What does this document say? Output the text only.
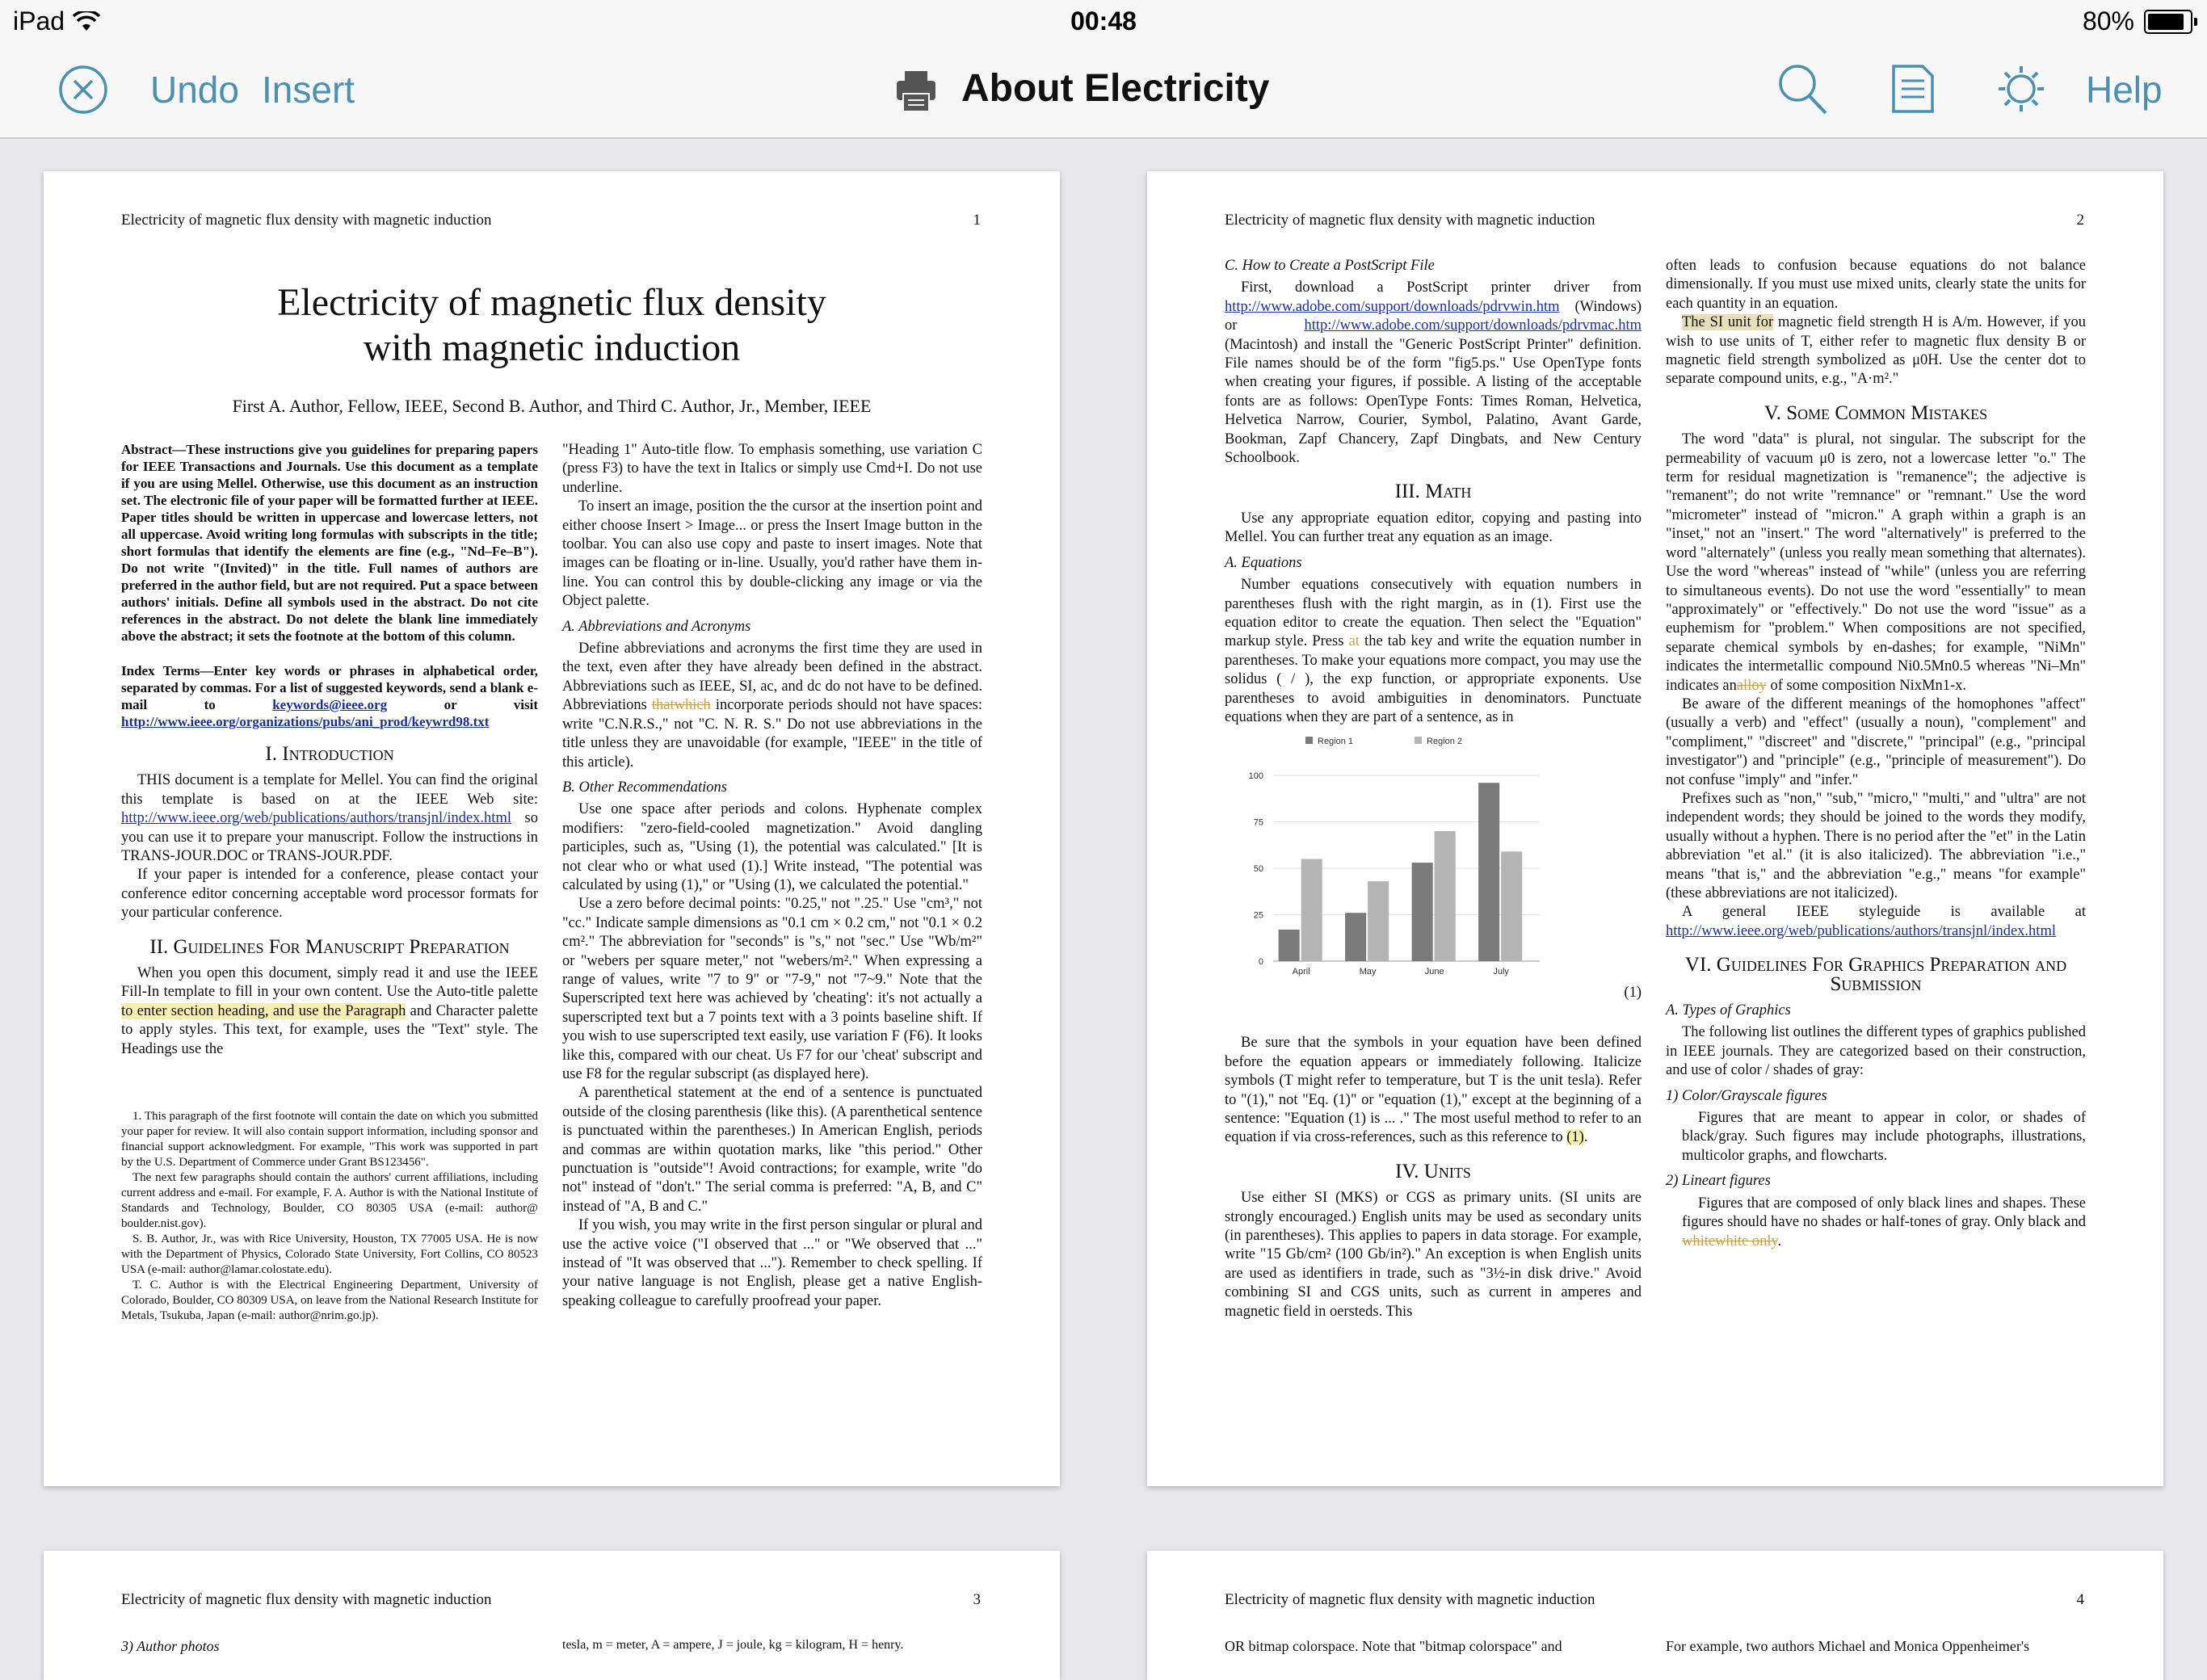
iPad	00:48	80%
Undo Insert	About Electricity	Help
Electricity of magnetic flux density with magnetic induction	1
Electricity of magnetic flux density
with magnetic induction
First A. Author, Fellow, IEEE, Second B. Author, and Third C. Author, Jr., Member, IEEE

Abstract—These instructions give you guidelines for preparing papers for IEEE Transactions and Journals. Use this document as a template if you are using Mellel. Otherwise, use this document as an instruction set. The electronic file of your paper will be formatted further at IEEE. Paper titles should be written in uppercase and lowercase letters, not all uppercase. Avoid writing long formulas with subscripts in the title; short formulas that identify the elements are fine (e.g., "Nd–Fe–B"). Do not write "(Invited)" in the title. Full names of authors are preferred in the author field, but are not required. Put a space between authors' initials. Define all symbols used in the abstract. Do not cite references in the abstract. Do not delete the blank line immediately above the abstract; it sets the footnote at the bottom of this column.

Index Terms—Enter key words or phrases in alphabetical order, separated by commas. For a list of suggested keywords, send a blank e-mail to	keywords@ieee.org or visit http://www.ieee.org/organizations/pubs/ani_prod/keywrd98.txt

I. Introduction

THIS document is a template for Mellel. You can find the original this template is based on at the IEEE Web site: http://www.ieee.org/web/publications/authors/transjnl/index.html so you can use it to prepare your manuscript. Follow the instructions in TRANS-JOUR.DOC or TRANS-JOUR.PDF.

If your paper is intended for a conference, please contact your conference editor concerning acceptable word processor formats for your particular conference.

II. Guidelines For Manuscript Preparation

When you open this document, simply read it and use the IEEE Fill-In template to fill in your own content. Use the Auto-title palette to enter section heading, and use the Paragraph and Character palette to apply styles. This text, for example, uses the "Text" style. The Headings use the

1. This paragraph of the first footnote will contain the date on which you submitted your paper for review. It will also contain support information, including sponsor and financial support acknowledgment. For example, "This work was supported in part by the U.S. Department of Commerce under Grant BS123456".

The next few paragraphs should contain the authors' current affiliations, including current address and e-mail. For example, F. A. Author is with the National Institute of Standards and Technology, Boulder, CO 80305 USA (e-mail: author@ boulder.nist.gov).

S. B. Author, Jr., was with Rice University, Houston, TX 77005 USA. He is now with the Department of Physics, Colorado State University, Fort Collins, CO 80523 USA (e-mail: author@lamar.colostate.edu).

T. C. Author is with the Electrical Engineering Department, University of Colorado, Boulder, CO 80309 USA, on leave from the National Research Institute for Metals, Tsukuba, Japan (e-mail: author@nrim.go.jp).

"Heading 1" Auto-title flow. To emphasis something, use variation C (press F3) to have the text in Italics or simply use Cmd+I. Do not use underline.

To insert an image, position the the cursor at the insertion point and either choose Insert > Image... or press the Insert Image button in the toolbar. You can also use copy and paste to insert images. Note that images can be floating or in-line. Usually, you'd rather have them in-line. You can control this by double-clicking any image or via the Object palette.

A. Abbreviations and Acronyms

Define abbreviations and acronyms the first time they are used in the text, even after they have already been defined in the abstract. Abbreviations such as IEEE, SI, ac, and dc do not have to be defined. Abbreviations thatwhich incorporate periods should not have spaces: write "C.N.R.S.," not "C. N. R. S." Do not use abbreviations in the title unless they are unavoidable (for example, "IEEE" in the title of this article).

B. Other Recommendations

Use one space after periods and colons. Hyphenate complex modifiers: "zero-field-cooled magnetization." Avoid dangling participles, such as, "Using (1), the potential was calculated." [It is not clear who or what used (1).] Write instead, "The potential was calculated by using (1)," or "Using (1), we calculated the potential."

Use a zero before decimal points: "0.25," not ".25." Use "cm³," not "cc." Indicate sample dimensions as "0.1 cm × 0.2 cm," not "0.1 × 0.2 cm²." The abbreviation for "seconds" is "s," not "sec." Use "Wb/m²" or "webers per square meter," not "webers/m²." When expressing a range of values, write "7 to 9" or "7-9," not "7~9." Note that the Superscripted text here was achieved by 'cheating': it's not actually a superscripted text but a 7 points text with a 3 points baseline shift. If you wish to use superscripted text easily, use variation F (F6). It looks like this, compared with our cheat. Us F7 for our 'cheat' subscript and use F8 for the regular subscript (as displayed here).

A parenthetical statement at the end of a sentence is punctuated outside of the closing parenthesis (like this). (A parenthetical sentence is punctuated within the parentheses.) In American English, periods and commas are within quotation marks, like "this period." Other punctuation is "outside"! Avoid contractions; for example, write "do not" instead of "don't." The serial comma is preferred: "A, B, and C" instead of "A, B and C."

If you wish, you may write in the first person singular or plural and use the active voice ("I observed that ..." or "We observed that ..." instead of "It was observed that ..."). Remember to check spelling. If your native language is not English, please get a native English-speaking colleague to carefully proofread your paper.

Electricity of magnetic flux density with magnetic induction	2
C. How to Create a PostScript File

First, download a PostScript printer driver from http://www.adobe.com/support/downloads/pdrvwin.htm (Windows) or http://www.adobe.com/support/downloads/pdrvmac.htm (Macintosh) and install the "Generic PostScript Printer" definition. File names should be of the form "fig5.ps." Use OpenType fonts when creating your figures, if possible. A listing of the acceptable fonts are as follows: OpenType Fonts: Times Roman, Helvetica, Helvetica Narrow, Courier, Symbol, Palatino, Avant Garde, Bookman, Zapf Chancery, Zapf Dingbats, and New Century Schoolbook.

III. Math

Use any appropriate equation editor, copying and pasting into Mellel. You can further treat any equation as an image.

A. Equations

Number equations consecutively with equation numbers in parentheses flush with the right margin, as in (1). First use the equation editor to create the equation. Then select the "Equation" markup style. Press at the tab key and write the equation number in parentheses. To make your equations more compact, you may use the solidus ( / ), the exp function, or appropriate exponents. Use parentheses to avoid ambiguities in denominators. Punctuate equations when they are part of a sentence, as in

0
25
50
75
100
Region 1	Region 2
April	May	June	July
(1)

Be sure that the symbols in your equation have been defined before the equation appears or immediately following. Italicize symbols (T might refer to temperature, but T is the unit tesla). Refer to "(1)," not "Eq. (1)" or "equation (1)," except at the beginning of a sentence: "Equation (1) is ... ." The most useful method to refer to an equation if via cross-references, such as this reference to (1).

IV. Units

Use either SI (MKS) or CGS as primary units. (SI units are strongly encouraged.) English units may be used as secondary units (in parentheses). This applies to papers in data storage. For example, write "15 Gb/cm² (100 Gb/in²)." An exception is when English units are used as identifiers in trade, such as "3½-in disk drive." Avoid combining SI and CGS units, such as current in amperes and magnetic field in oersteds. This

often leads to confusion because equations do not balance dimensionally. If you must use mixed units, clearly state the units for each quantity in an equation.

The SI unit for magnetic field strength H is A/m. However, if you wish to use units of T, either refer to magnetic flux density B or magnetic field strength symbolized as μ0H. Use the center dot to separate compound units, e.g., "A·m²."

V. Some Common Mistakes

The word "data" is plural, not singular. The subscript for the permeability of vacuum μ0 is zero, not a lowercase letter "o." The term for residual magnetization is "remanence"; the adjective is "remanent"; do not write "remnance" or "remnant." Use the word "micrometer" instead of "micron." A graph within a graph is an "inset," not an "insert." The word "alternatively" is preferred to the word "alternately" (unless you really mean something that alternates). Use the word "whereas" instead of "while" (unless you are referring to simultaneous events). Do not use the word "essentially" to mean "approximately" or "effectively." Do not use the word "issue" as a euphemism for "problem." When compositions are not specified, separate chemical symbols by en-dashes; for example, "NiMn" indicates the intermetallic compound Ni0.5Mn0.5 whereas "Ni–Mn" indicates analloy of some composition NixMn1-x.

Be aware of the different meanings of the homophones "affect" (usually a verb) and "effect" (usually a noun), "complement" and "compliment," "discreet" and "discrete," "principal" (e.g., "principal investigator") and "principle" (e.g., "principle of measurement"). Do not confuse "imply" and "infer."

Prefixes such as "non," "sub," "micro," "multi," and "ultra" are not independent words; they should be joined to the words they modify, usually without a hyphen. There is no period after the "et" in the Latin abbreviation "et al." (it is also italicized). The abbreviation "i.e.," means "that is," and the abbreviation "e.g.," means "for example" (these abbreviations are not italicized).

A general IEEE styleguide is available at http://www.ieee.org/web/publications/authors/transjnl/index.html

VI. Guidelines For Graphics Preparation and Submission
A. Types of Graphics

The following list outlines the different types of graphics published in IEEE journals. They are categorized based on their construction, and use of color / shades of gray:

1) Color/Grayscale figures

Figures that are meant to appear in color, or shades of black/gray. Such figures may include photographs, illustrations, multicolor graphs, and flowcharts.

2) Lineart figures

Figures that are composed of only black lines and shapes. These figures should have no shades or half-tones of gray. Only black and whitewhite only.

Electricity of magnetic flux density with magnetic induction	3
3) Author photos	tesla, m = meter, A = ampere, J = joule, kg = kilogram, H = henry.
Electricity of magnetic flux density with magnetic induction	4
OR bitmap colorspace. Note that "bitmap colorspace" and	For example, two authors Michael and Monica Oppenheimer's
